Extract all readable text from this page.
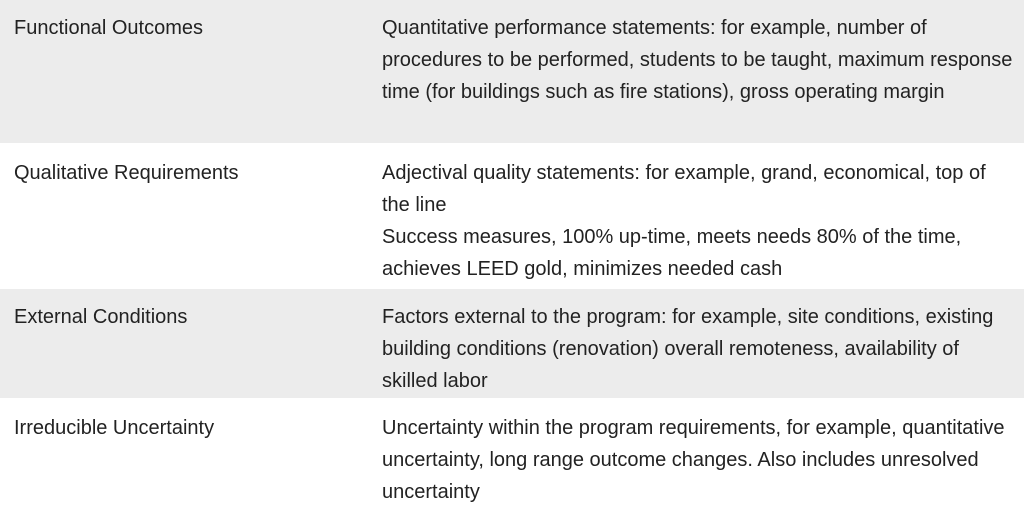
Functional Outcomes	Quantitative performance statements: for example, number of procedures to be performed, students to be taught, maximum response time (for buildings such as fire stations), gross operating margin

Qualitative Requirements	Adjectival quality statements: for example, grand, economical, top of the line

Success measures, 100% up-time, meets needs 80% of the time, achieves LEED gold, minimizes needed cash

External Conditions	Factors external to the program: for example, site conditions, existing building conditions (renovation) overall remoteness, availability of skilled labor

Irreducible Uncertainty	Uncertainty within the program requirements, for example, quantitative uncertainty, long range outcome changes. Also includes unresolved uncertainty
